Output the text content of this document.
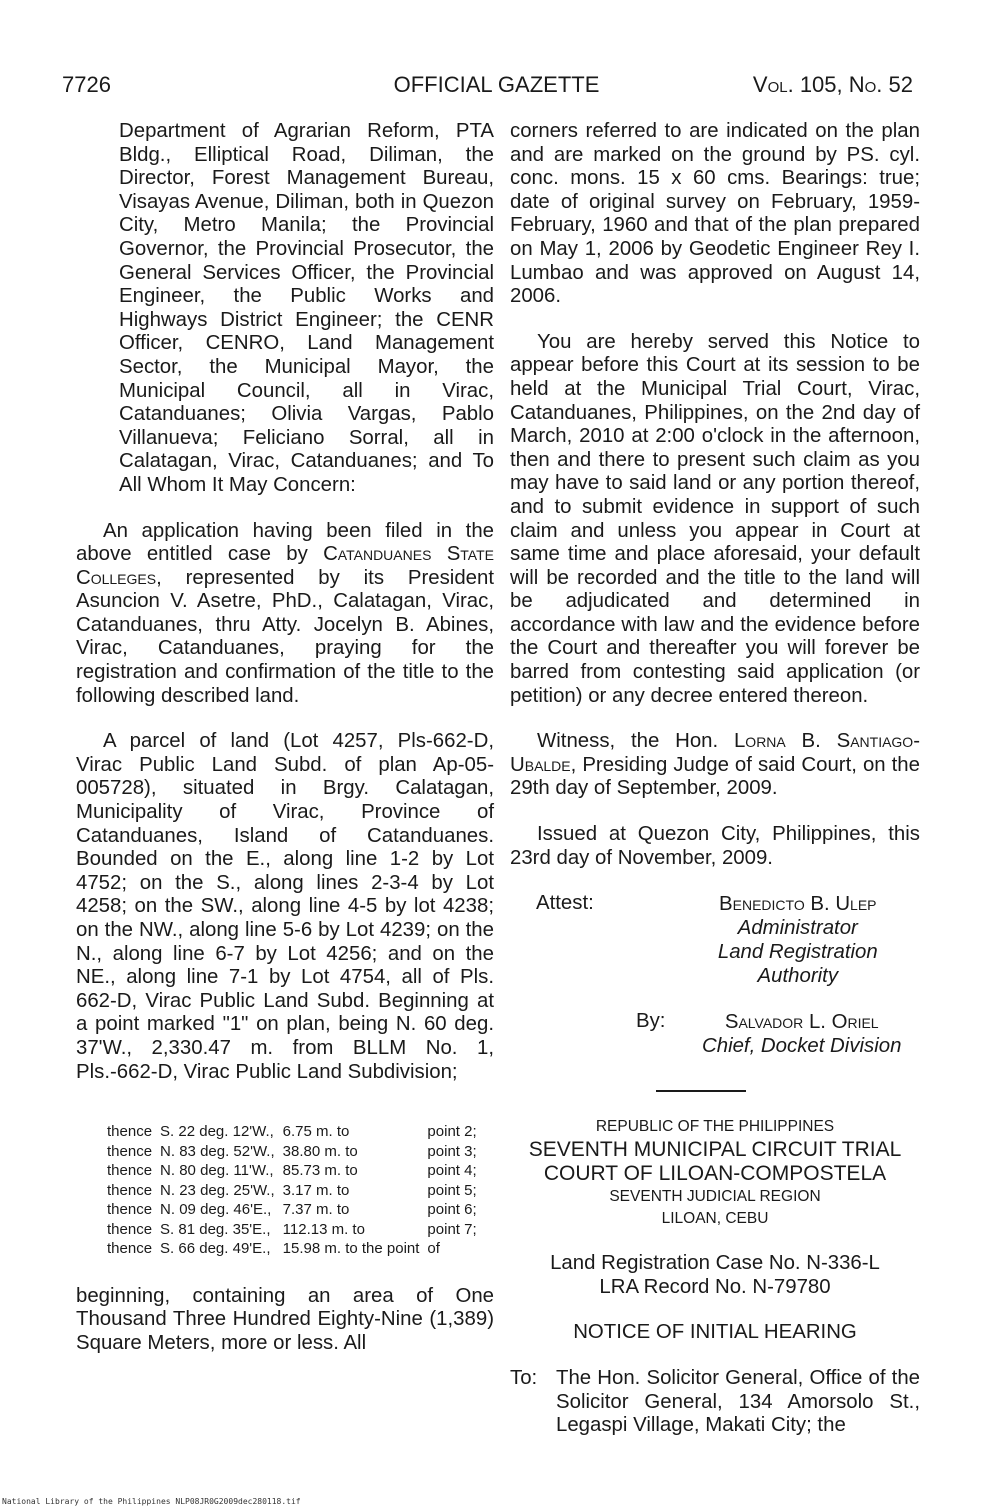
7726	OFFICIAL GAZETTE	Vol. 105, No. 52

Department of Agrarian Reform, PTA Bldg., Elliptical Road, Diliman, the Director, Forest Management Bureau, Visayas Avenue, Diliman, both in Quezon City, Metro Manila; the Provincial Governor, the Provincial Prosecutor, the General Services Officer, the Provincial Engineer, the Public Works and Highways District Engineer; the CENR Officer, CENRO, Land Management Sector, the Municipal Mayor, the Municipal Council, all in Virac, Catanduanes; Olivia Vargas, Pablo Villanueva; Feliciano Sorral, all in Calatagan, Virac, Catanduanes; and To All Whom It May Concern:

An application having been filed in the above entitled case by Catanduanes State Colleges, represented by its President Asuncion V. Asetre, PhD., Calatagan, Virac, Catanduanes, thru Atty. Jocelyn B. Abines, Virac, Catanduanes, praying for the registration and confirmation of the title to the following described land.

A parcel of land (Lot 4257, Pls-662-D, Virac Public Land Subd. of plan Ap-05-005728), situated in Brgy. Calatagan, Municipality of Virac, Province of Catanduanes, Island of Catanduanes. Bounded on the E., along line 1-2 by Lot 4752; on the S., along lines 2-3-4 by Lot 4258; on the SW., along line 4-5 by lot 4238; on the NW., along line 5-6 by Lot 4239; on the N., along line 6-7 by Lot 4256; and on the NE., along line 7-1 by Lot 4754, all of Pls. 662-D, Virac Public Land Subd. Beginning at a point marked "1" on plan, being N. 60 deg. 37'W., 2,330.47 m. from BLLM No. 1, Pls.-662-D, Virac Public Land Subdivision;

thence	S. 22 deg. 12'W.,	6.75 m. to	point 2;
thence	N. 83 deg. 52'W.,	38.80 m. to	point 3;
thence	N. 80 deg. 11'W.,	85.73 m. to	point 4;
thence	N. 23 deg. 25'W.,	3.17 m. to	point 5;
thence	N. 09 deg. 46'E.,	7.37 m. to	point 6;
thence	S. 81 deg. 35'E.,	112.13 m. to	point 7;
thence	S. 66 deg. 49'E.,	15.98 m. to the point	of

beginning, containing an area of One Thousand Three Hundred Eighty-Nine (1,389) Square Meters, more or less. All

corners referred to are indicated on the plan and are marked on the ground by PS. cyl. conc. mons. 15 x 60 cms. Bearings: true; date of original survey on February, 1959-February, 1960 and that of the plan prepared on May 1, 2006 by Geodetic Engineer Rey I. Lumbao and was approved on August 14, 2006.

You are hereby served this Notice to appear before this Court at its session to be held at the Municipal Trial Court, Virac, Catanduanes, Philippines, on the 2nd day of March, 2010 at 2:00 o'clock in the afternoon, then and there to present such claim as you may have to said land or any portion thereof, and to submit evidence in support of such claim and unless you appear in Court at same time and place aforesaid, your default will be recorded and the title to the land will be adjudicated and determined in accordance with law and the evidence before the Court and thereafter you will forever be barred from contesting said application (or petition) or any decree entered thereon.

Witness, the Hon. Lorna B. Santiago-Ubalde, Presiding Judge of said Court, on the 29th day of September, 2009.

Issued at Quezon City, Philippines, this 23rd day of November, 2009.

Attest:	Benedicto B. Ulep
Administrator
Land Registration Authority
By:	Salvador L. Oriel
Chief, Docket Division
REPUBLIC OF THE PHILIPPINES
SEVENTH MUNICIPAL CIRCUIT TRIAL
COURT OF LILOAN-COMPOSTELA
SEVENTH JUDICIAL REGION
LILOAN, CEBU
Land Registration Case No. N-336-L
LRA Record No. N-79780
NOTICE OF INITIAL HEARING
To: The Hon. Solicitor General, Office of the Solicitor General, 134 Amorsolo St., Legaspi Village, Makati City; the

National Library of the Philippines NLP08JR0G2009dec280118.tif
